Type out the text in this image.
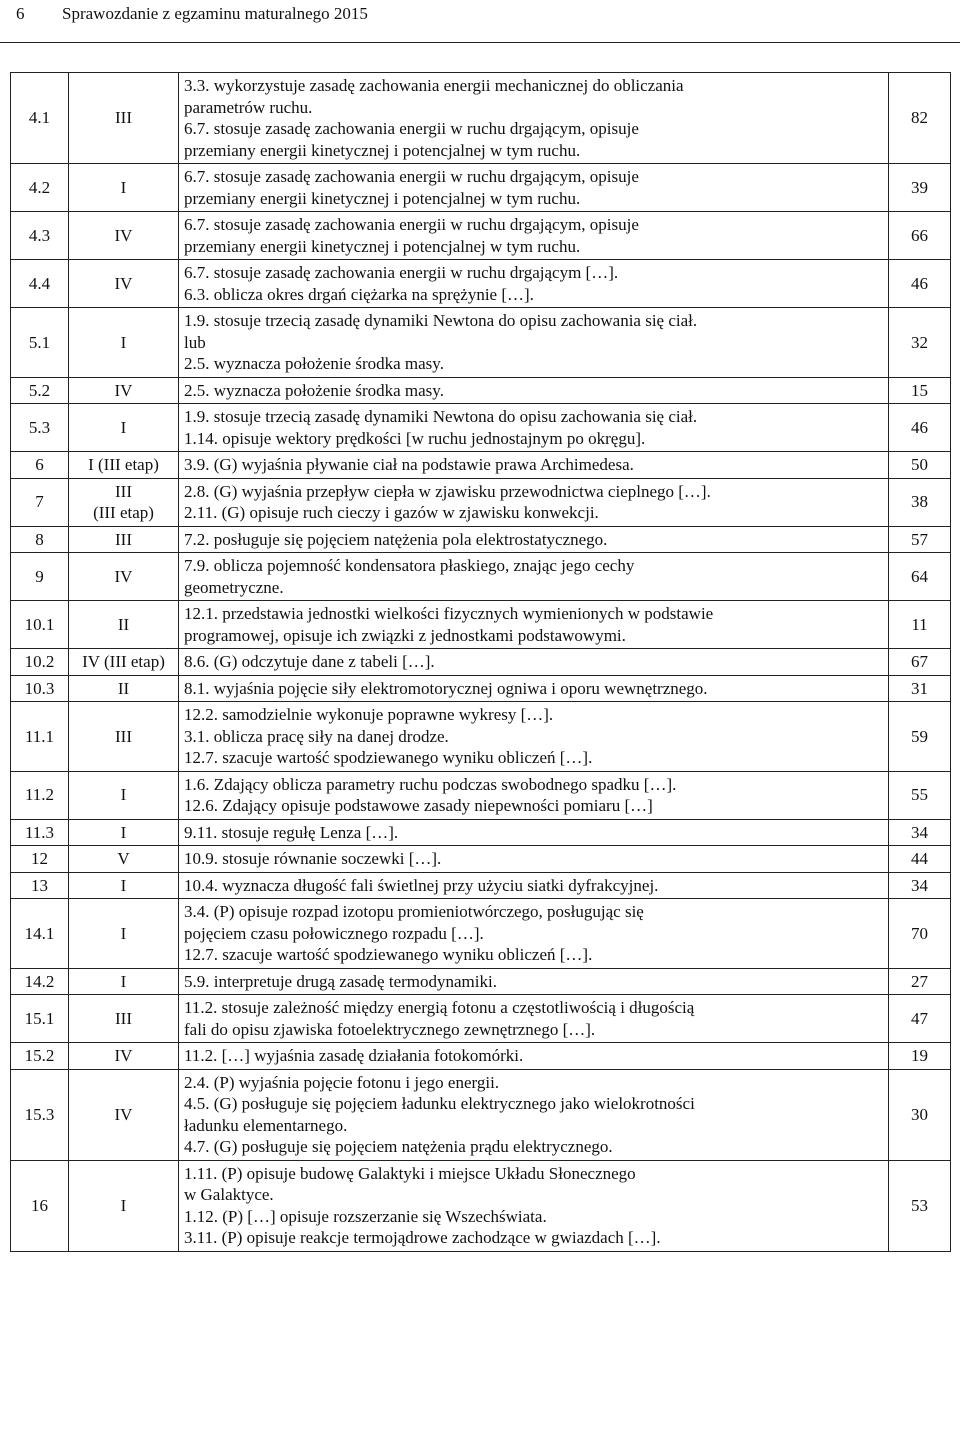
6 Sprawozdanie z egzaminu maturalnego 2015
4.1	III	3.3. wykorzystuje zasadę zachowania energii mechanicznej do obliczania
parametrów ruchu.
6.7. stosuje zasadę zachowania energii w ruchu drgającym, opisuje
przemiany energii kinetycznej i potencjalnej w tym ruchu.	82
4.2	I	6.7. stosuje zasadę zachowania energii w ruchu drgającym, opisuje
przemiany energii kinetycznej i potencjalnej w tym ruchu.	39
4.3	IV	6.7. stosuje zasadę zachowania energii w ruchu drgającym, opisuje
przemiany energii kinetycznej i potencjalnej w tym ruchu.	66
4.4	IV	6.7. stosuje zasadę zachowania energii w ruchu drgającym […].
6.3. oblicza okres drgań ciężarka na sprężynie […].	46
5.1	I	1.9. stosuje trzecią zasadę dynamiki Newtona do opisu zachowania się ciał.
lub
2.5. wyznacza położenie środka masy.	32
5.2	IV	2.5. wyznacza położenie środka masy.	15
5.3	I	1.9. stosuje trzecią zasadę dynamiki Newtona do opisu zachowania się ciał.
1.14. opisuje wektory prędkości [w ruchu jednostajnym po okręgu].	46
6	I (III etap)	3.9. (G) wyjaśnia pływanie ciał na podstawie prawa Archimedesa.	50
7	III
(III etap)	2.8. (G) wyjaśnia przepływ ciepła w zjawisku przewodnictwa cieplnego […].
2.11. (G) opisuje ruch cieczy i gazów w zjawisku konwekcji.	38
8	III	7.2. posługuje się pojęciem natężenia pola elektrostatycznego.	57
9	IV	7.9. oblicza pojemność kondensatora płaskiego, znając jego cechy
geometryczne.	64
10.1	II	12.1. przedstawia jednostki wielkości fizycznych wymienionych w podstawie
programowej, opisuje ich związki z jednostkami podstawowymi.	11
10.2	IV (III etap)	8.6. (G) odczytuje dane z tabeli […].	67
10.3	II	8.1. wyjaśnia pojęcie siły elektromotorycznej ogniwa i oporu wewnętrznego.	31
11.1	III	12.2. samodzielnie wykonuje poprawne wykresy […].
3.1. oblicza pracę siły na danej drodze.
12.7. szacuje wartość spodziewanego wyniku obliczeń […].	59
11.2	I	1.6. Zdający oblicza parametry ruchu podczas swobodnego spadku […].
12.6. Zdający opisuje podstawowe zasady niepewności pomiaru […]	55
11.3	I	9.11. stosuje regułę Lenza […].	34
12	V	10.9. stosuje równanie soczewki […].	44
13	I	10.4. wyznacza długość fali świetlnej przy użyciu siatki dyfrakcyjnej.	34
14.1	I	3.4. (P) opisuje rozpad izotopu promieniotwórczego, posługując się
pojęciem czasu połowicznego rozpadu […].
12.7. szacuje wartość spodziewanego wyniku obliczeń […].	70
14.2	I	5.9. interpretuje drugą zasadę termodynamiki.	27
15.1	III	11.2. stosuje zależność między energią fotonu a częstotliwością i długością
fali do opisu zjawiska fotoelektrycznego zewnętrznego […].	47
15.2	IV	11.2. […] wyjaśnia zasadę działania fotokomórki.	19
15.3	IV	2.4. (P) wyjaśnia pojęcie fotonu i jego energii.
4.5. (G) posługuje się pojęciem ładunku elektrycznego jako wielokrotności
ładunku elementarnego.
4.7. (G) posługuje się pojęciem natężenia prądu elektrycznego.	30
16	I	1.11. (P) opisuje budowę Galaktyki i miejsce Układu Słonecznego
w Galaktyce.
1.12. (P) […] opisuje rozszerzanie się Wszechświata.
3.11. (P) opisuje reakcje termojądrowe zachodzące w gwiazdach […].	53
